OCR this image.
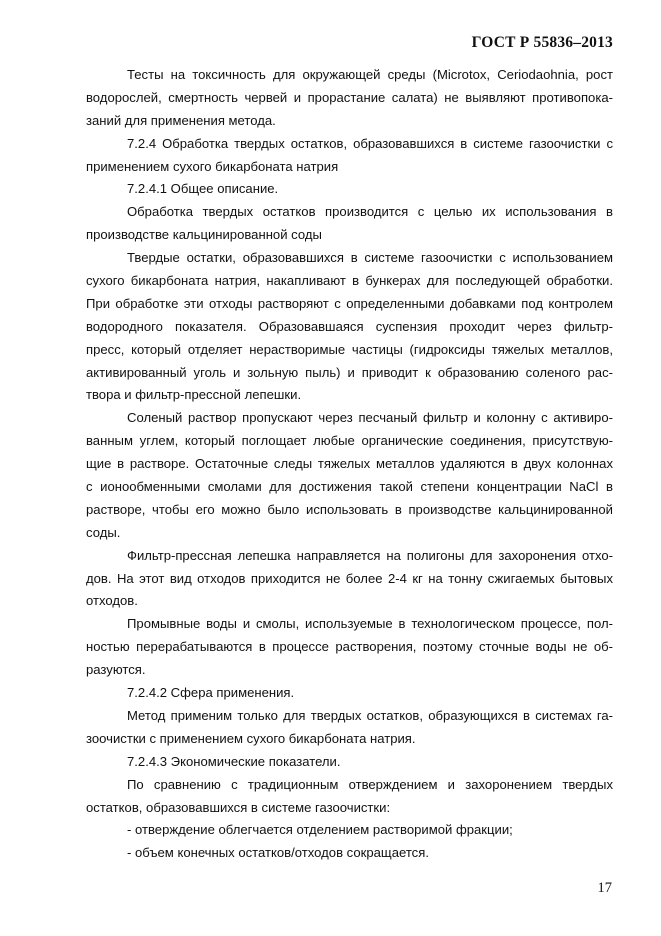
ГОСТ Р 55836–2013
Тесты на токсичность для окружающей среды (Microtox, Ceriodaohnia, рост
водорослей, смертность червей и прорастание салата) не выявляют противопока-
заний для применения метода.
7.2.4 Обработка твердых остатков, образовавшихся в системе газоочистки с
применением сухого бикарбоната натрия
7.2.4.1 Общее описание.
Обработка твердых остатков производится с целью их использования в
производстве кальцинированной соды
Твердые остатки, образовавшихся в системе газоочистки с использованием
сухого бикарбоната натрия, накапливают в бункерах для последующей обработки.
При обработке эти отходы растворяют с определенными добавками под контролем
водородного показателя. Образовавшаяся суспензия проходит через фильтр-
пресс, который отделяет нерастворимые частицы (гидроксиды тяжелых металлов,
активированный уголь и зольную пыль) и приводит к образованию соленого рас-
твора и фильтр-прессной лепешки.
Соленый раствор пропускают через песчаный фильтр и колонну с активиро-
ванным углем, который поглощает любые органические соединения, присутствую-
щие в растворе. Остаточные следы тяжелых металлов удаляются в двух колоннах
с ионообменными смолами для достижения такой степени концентрации NaCl в
растворе, чтобы его можно было использовать в производстве кальцинированной
соды.
Фильтр-прессная лепешка направляется на полигоны для захоронения отхо-
дов. На этот вид отходов приходится не более 2-4 кг на тонну сжигаемых бытовых
отходов.
Промывные воды и смолы, используемые в технологическом процессе, пол-
ностью перерабатываются в процессе растворения, поэтому сточные воды не об-
разуются.
7.2.4.2 Сфера применения.
Метод применим только для твердых остатков, образующихся в системах га-
зоочистки с применением сухого бикарбоната натрия.
7.2.4.3 Экономические показатели.
По сравнению с традиционным отверждением и захоронением твердых
остатков, образовавшихся в системе газоочистки:
- отверждение облегчается отделением растворимой фракции;
- объем конечных остатков/отходов сокращается.
17
